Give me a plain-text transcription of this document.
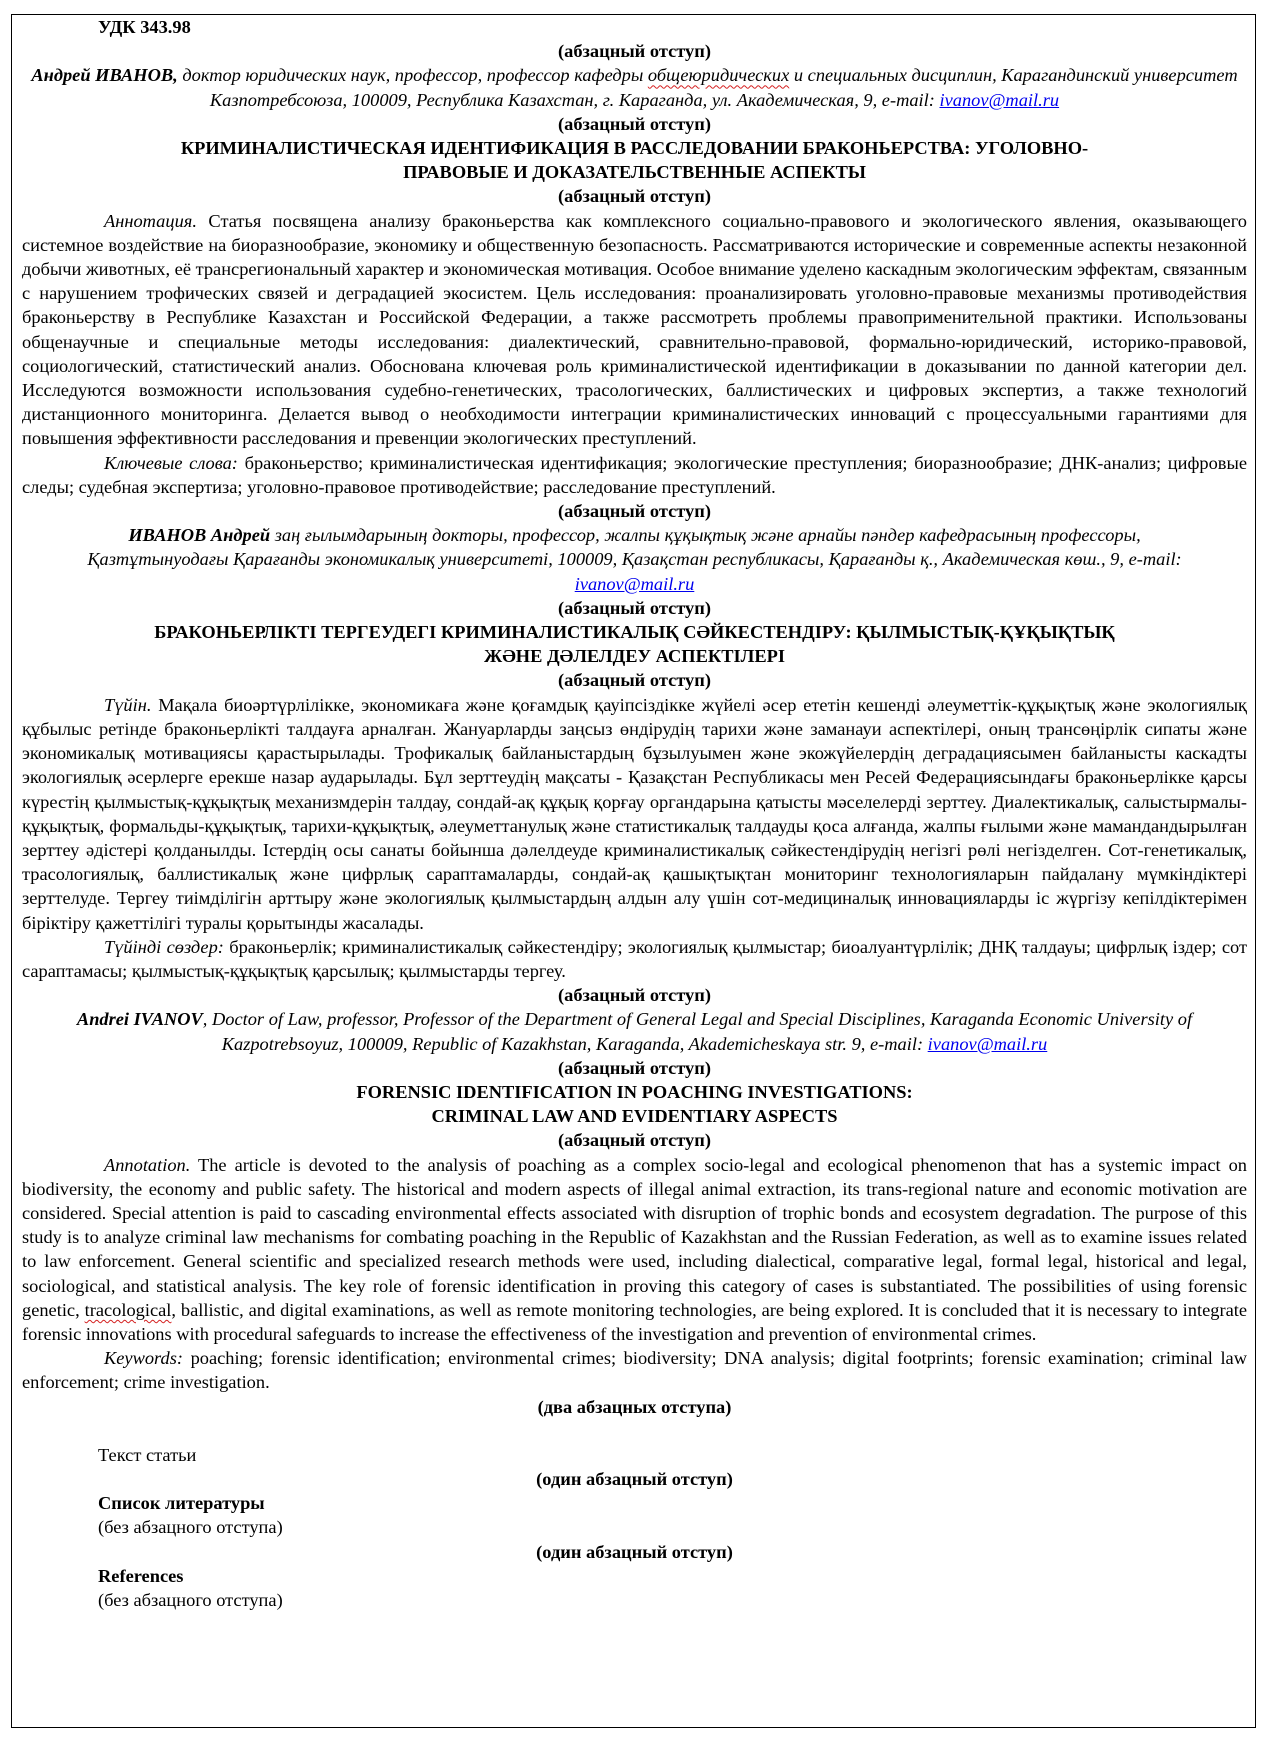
УДК 343.98

(абзацный отступ)

Андрей ИВАНОВ, доктор юридических наук, профессор, профессор кафедры общеюридических и специальных дисциплин, Карагандинский университет Казпотребсоюза, 100009, Республика Казахстан, г. Караганда, ул. Академическая, 9, e-mail: ivanov@mail.ru

(абзацный отступ)

КРИМИНАЛИСТИЧЕСКАЯ ИДЕНТИФИКАЦИЯ В РАССЛЕДОВАНИИ БРАКОНЬЕРСТВА: УГОЛОВНО-
ПРАВОВЫЕ И ДОКАЗАТЕЛЬСТВЕННЫЕ АСПЕКТЫ

(абзацный отступ)

Аннотация. Статья посвящена анализу браконьерства как комплексного социально-правового и экологического явления, оказывающего системное воздействие на биоразнообразие, экономику и общественную безопасность. Рассматриваются исторические и современные аспекты незаконной добычи животных, её трансрегиональный характер и экономическая мотивация. Особое внимание уделено каскадным экологическим эффектам, связанным с нарушением трофических связей и деградацией экосистем. Цель исследования: проанализировать уголовно-правовые механизмы противодействия браконьерству в Республике Казахстан и Российской Федерации, а также рассмотреть проблемы правоприменительной практики. Использованы общенаучные и специальные методы исследования: диалектический, сравнительно-правовой, формально-юридический, историко-правовой, социологический, статистический анализ. Обоснована ключевая роль криминалистической идентификации в доказывании по данной категории дел. Исследуются возможности использования судебно-генетических, трасологических, баллистических и цифровых экспертиз, а также технологий дистанционного мониторинга. Делается вывод о необходимости интеграции криминалистических инноваций с процессуальными гарантиями для повышения эффективности расследования и превенции экологических преступлений.

Ключевые слова: браконьерство; криминалистическая идентификация; экологические преступления; биоразнообразие; ДНК-анализ; цифровые следы; судебная экспертиза; уголовно-правовое противодействие; расследование преступлений.

(абзацный отступ)

ИВАНОВ Андрей заң ғылымдарының докторы, профессор, жалпы құқықтық және арнайы пәндер кафедрасының профессоры, Қазтұтынуодағы Қарағанды экономикалық университеті, 100009, Қазақстан республикасы, Қарағанды қ., Академическая көш., 9, e-mail: ivanov@mail.ru

(абзацный отступ)

БРАКОНЬЕРЛІКТІ ТЕРГЕУДЕГІ КРИМИНАЛИСТИКАЛЫҚ СӘЙКЕСТЕНДІРУ: ҚЫЛМЫСТЫҚ-ҚҰҚЫҚТЫҚ
ЖӘНЕ ДӘЛЕЛДЕУ АСПЕКТІЛЕРІ

(абзацный отступ)

Түйін. Мақала биоәртүрлілікке, экономикаға және қоғамдық қауіпсіздікке жүйелі әсер ететін кешенді әлеуметтік-құқықтық және экологиялық құбылыс ретінде браконьерлікті талдауға арналған. Жануарларды заңсыз өндірудің тарихи және заманауи аспектілері, оның трансөңірлік сипаты және экономикалық мотивациясы қарастырылады. Трофикалық байланыстардың бұзылуымен және экожүйелердің деградациясымен байланысты каскадты экологиялық әсерлерге ерекше назар аударылады. Бұл зерттеудің мақсаты - Қазақстан Республикасы мен Ресей Федерациясындағы браконьерлікке қарсы күрестің қылмыстық-құқықтық механизмдерін талдау, сондай-ақ құқық қорғау органдарына қатысты мәселелерді зерттеу. Диалектикалық, салыстырмалы-құқықтық, формальды-құқықтық, тарихи-құқықтық, әлеуметтанулық және статистикалық талдауды қоса алғанда, жалпы ғылыми және мамандандырылған зерттеу әдістері қолданылды. Істердің осы санаты бойынша дәлелдеуде криминалистикалық сәйкестендірудің негізгі рөлі негізделген. Сот-генетикалық, трасологиялық, баллистикалық және цифрлық сараптамаларды, сондай-ақ қашықтықтан мониторинг технологияларын пайдалану мүмкіндіктері зерттелуде. Тергеу тиімділігін арттыру және экологиялық қылмыстардың алдын алу үшін сот-медициналық инновацияларды іс жүргізу кепілдіктерімен біріктіру қажеттілігі туралы қорытынды жасалады.

Түйінді сөздер: браконьерлік; криминалистикалық сәйкестендіру; экологиялық қылмыстар; биоалуантүрлілік; ДНҚ талдауы; цифрлық іздер; сот сараптамасы; қылмыстық-құқықтық қарсылық; қылмыстарды тергеу.

(абзацный отступ)

Andrei IVANOV, Doctor of Law, professor, Professor of the Department of General Legal and Special Disciplines, Karaganda Economic University of Kazpotrebsoyuz, 100009, Republic of Kazakhstan, Karaganda, Akademicheskaya str. 9, e-mail: ivanov@mail.ru

(абзацный отступ)

FORENSIC IDENTIFICATION IN POACHING INVESTIGATIONS:
CRIMINAL LAW AND EVIDENTIARY ASPECTS

(абзацный отступ)

Annotation. The article is devoted to the analysis of poaching as a complex socio-legal and ecological phenomenon that has a systemic impact on biodiversity, the economy and public safety. The historical and modern aspects of illegal animal extraction, its trans-regional nature and economic motivation are considered. Special attention is paid to cascading environmental effects associated with disruption of trophic bonds and ecosystem degradation. The purpose of this study is to analyze criminal law mechanisms for combating poaching in the Republic of Kazakhstan and the Russian Federation, as well as to examine issues related to law enforcement. General scientific and specialized research methods were used, including dialectical, comparative legal, formal legal, historical and legal, sociological, and statistical analysis. The key role of forensic identification in proving this category of cases is substantiated. The possibilities of using forensic genetic, tracological, ballistic, and digital examinations, as well as remote monitoring technologies, are being explored. It is concluded that it is necessary to integrate forensic innovations with procedural safeguards to increase the effectiveness of the investigation and prevention of environmental crimes.

Keywords: poaching; forensic identification; environmental crimes; biodiversity; DNA analysis; digital footprints; forensic examination; criminal law enforcement; crime investigation.

(два абзацных отступа)

Текст статьи

(один абзацный отступ)

Список литературы

(без абзацного отступа)

(один абзацный отступ)

References

(без абзацного отступа)
